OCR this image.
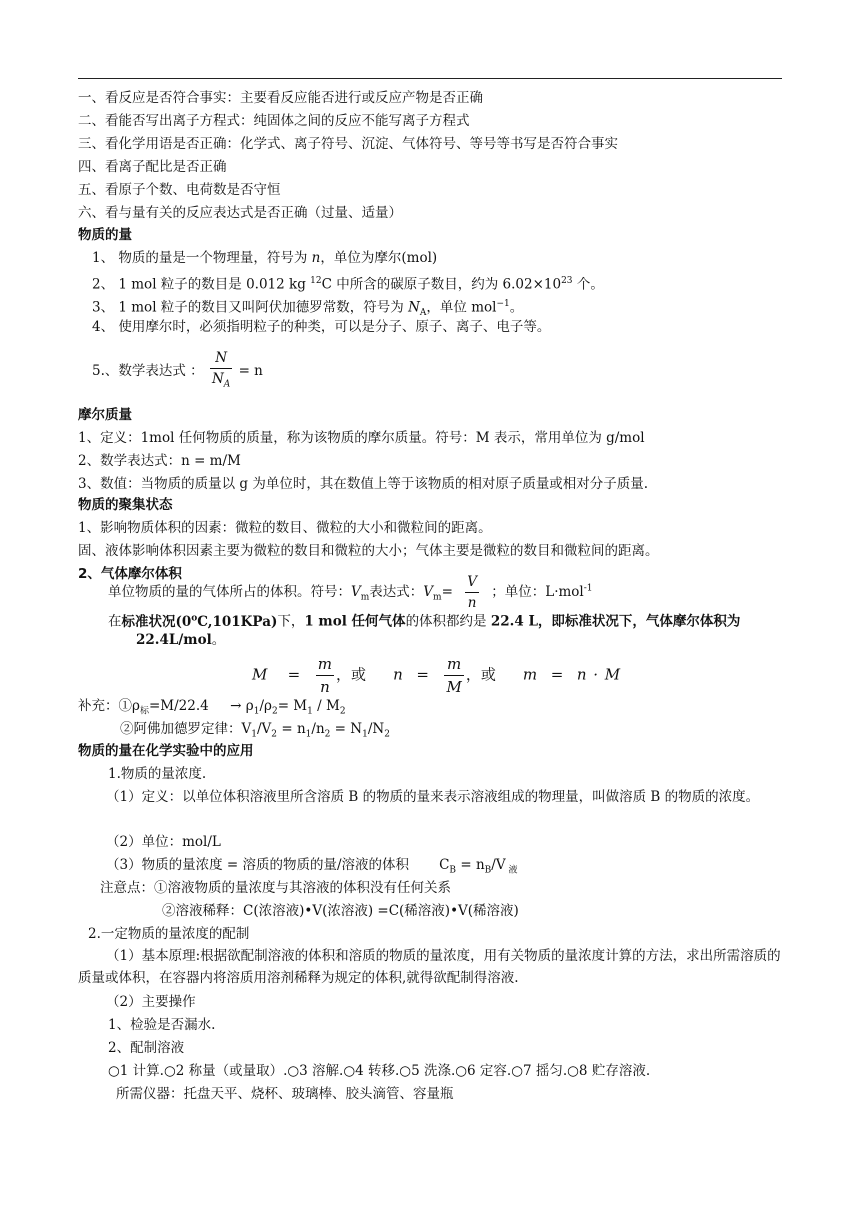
一、看反应是否符合事实：主要看反应能否进行或反应产物是否正确
二、看能否写出离子方程式：纯固体之间的反应不能写离子方程式
三、看化学用语是否正确：化学式、离子符号、沉淀、气体符号、等号等书写是否符合事实
四、看离子配比是否正确
五、看原子个数、电荷数是否守恒
六、看与量有关的反应表达式是否正确（过量、适量）
物质的量
1、 物质的量是一个物理量，符号为 n，单位为摩尔(mol)
2、 1 mol 粒子的数目是 0.012 kg $^{12}$C 中所含的碳原子数目，约为 $6.02\times 10^{23}$ 个。
3、 1 mol 粒子的数目又叫阿伏加德罗常数，符号为 $N_A$，单位 mol$^{-1}$。
4、 使用摩尔时，必须指明粒子的种类，可以是分子、原子、离子、电子等。
5.、数学表达式 ： $\frac{N}{N_A} = n$
摩尔质量
1、定义：1mol 任何物质的质量，称为该物质的摩尔质量。符号：M 表示，常用单位为 g/mol
2、数学表达式：n = m/M
3、数值：当物质的质量以 g 为单位时，其在数值上等于该物质的相对原子质量或相对分子质量.
物质的聚集状态
1、影响物质体积的因素：微粒的数目、微粒的大小和微粒间的距离。
固、液体影响体积因素主要为微粒的数目和微粒的大小；气体主要是微粒的数目和微粒间的距离。
2、气体摩尔体积
单位物质的量的气体所占的体积。符号：$V_m$表达式：$V_m= \frac{V}{n}$ ；单位：L·mol$^{-1}$
在标准状况(0$^o$C,101KPa)下，1 mol 任何气体的体积都约是 22.4 L，即标准状况下，气体摩尔体积为
22.4L/mol。
$M = \frac{m}{n}$ ，或 $n = \frac{m}{M}$ ，或 m = n · M
补充：$①\rho_标=M/22.4 \to \rho_1/\rho_2= M_1 / M_2$
②阿佛加德罗定律：$V_1/V_2 = n_1/n_2 = N_1/N_2$
物质的量在化学实验中的应用
1.物质的量浓度.
（1）定义：以单位体积溶液里所含溶质 B 的物质的量来表示溶液组成的物理量，叫做溶质 B 的物质的浓度。
（2）单位：mol/L
（3）物质的量浓度 = 溶质的物质的量/溶液的体积 $C_B = n_B/V$ $_液$
注意点：①溶液物质的量浓度与其溶液的体积没有任何关系
②溶液稀释：C(浓溶液)•V(浓溶液) =C(稀溶液)•V(稀溶液)
2.一定物质的量浓度的配制
（1）基本原理:根据欲配制溶液的体积和溶质的物质的量浓度，用有关物质的量浓度计算的方法，求出所需溶质的质量或体积，在容器内将溶质用溶剂稀释为规定的体积,就得欲配制得溶液.
（2）主要操作
1、检验是否漏水.
2、配制溶液
○1 计算.○2 称量（或量取）.○3 溶解.○4 转移.○5 洗涤.○6 定容.○7 摇匀.○8 贮存溶液.
所需仪器：托盘天平、烧杯、玻璃棒、胶头滴管、容量瓶
